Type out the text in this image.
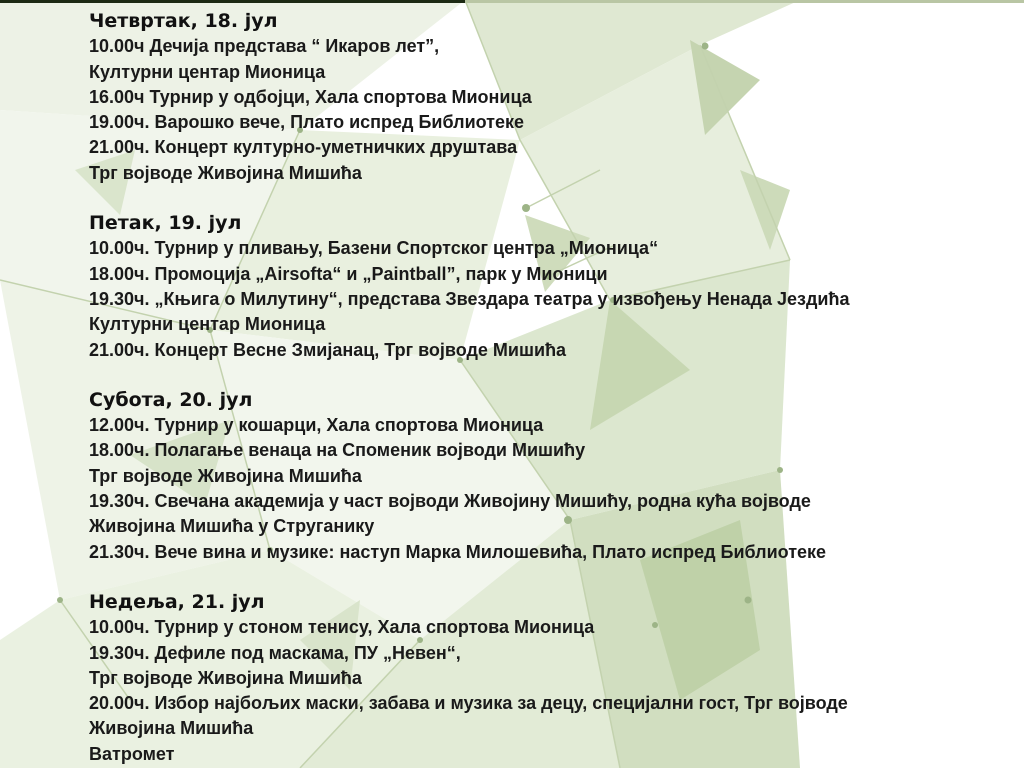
Четвртак, 18. јул
10.00ч Дечија представа “ Икаров лет”,
Културни центар Мионица
16.00ч Турнир у одбојци, Хала спортова Мионица
19.00ч. Варошко вече, Плато испред Библиотеке
21.00ч. Концерт културно-уметничких друштава
Трг војводе Живојина Мишића
Петак, 19. јул
10.00ч. Турнир у пливању, Базени Спортског центра „Мионица“
18.00ч. Промоција „Airsofta“ и „Paintball”, парк у Мионици
19.30ч. „Књига о Милутину“, представа Звездара театра у извођењу Ненада Јездића
Културни центар Мионица
21.00ч. Концерт Весне Змијанац, Трг војводе Мишића
Субота, 20. јул
12.00ч. Турнир у кошарци, Хала спортова Мионица
18.00ч. Полагање венаца на Споменик војводи Мишићу
Трг војводе Живојина Мишића
19.30ч. Свечана академија у част војводи Живојину Мишићу, родна кућа војводе
Живојина Мишића у Струганику
21.30ч. Вече вина и музике: наступ Марка Милошевића, Плато испред Библиотеке
Недеља, 21. јул
10.00ч. Турнир у стоном тенису, Хала спортова Мионица
19.30ч. Дефиле под маскама, ПУ „Невен“,
Трг војводе Живојина Мишића
20.00ч. Избор најбољих маски, забава и музика за децу, специјални гост, Трг војводе
Живојина Мишића
Ватромет
